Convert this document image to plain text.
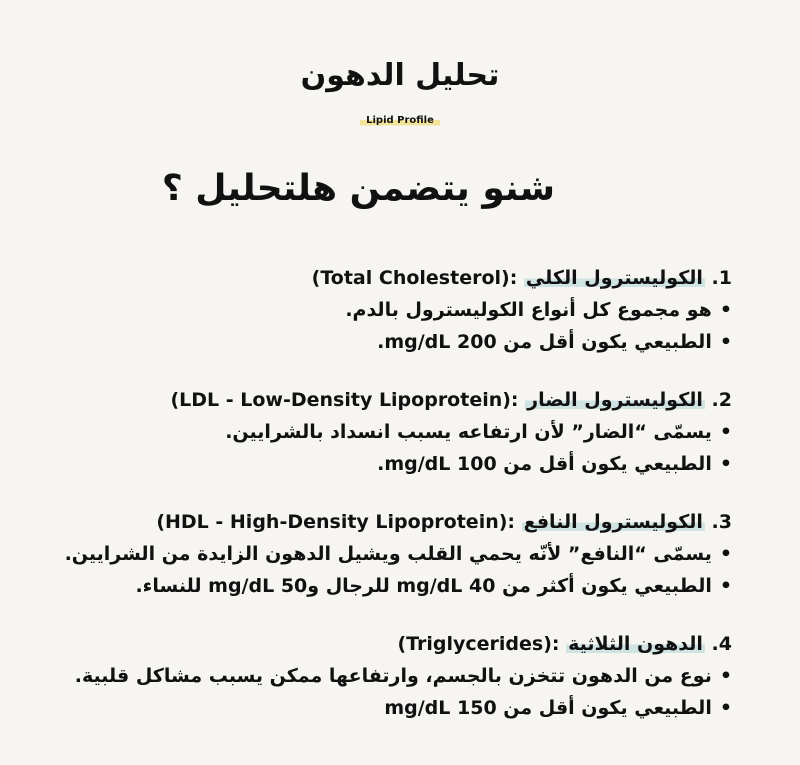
تحليل الدهون
Lipid Profile
شنو يتضمن هلتحليل ؟
1. الكوليسترول الكلي (Total Cholesterol):
•هو مجموع كل أنواع الكوليسترول بالدم.
•الطبيعي يكون أقل من 200 mg/dL.
2. الكوليسترول الضار (LDL - Low-Density Lipoprotein):
•يسمّى “الضار” لأن ارتفاعه يسبب انسداد بالشرايين.
•الطبيعي يكون أقل من 100 mg/dL.
3. الكوليسترول النافع (HDL - High-Density Lipoprotein):
•يسمّى “النافع” لأنّه يحمي القلب ويشيل الدهون الزايدة من الشرايين.
•الطبيعي يكون أكثر من 40 mg/dL للرجال و50 mg/dL للنساء.
4. الدهون الثلاثية (Triglycerides):
•نوع من الدهون تتخزن بالجسم، وارتفاعها ممكن يسبب مشاكل قلبية.
•الطبيعي يكون أقل من 150 mg/dL
